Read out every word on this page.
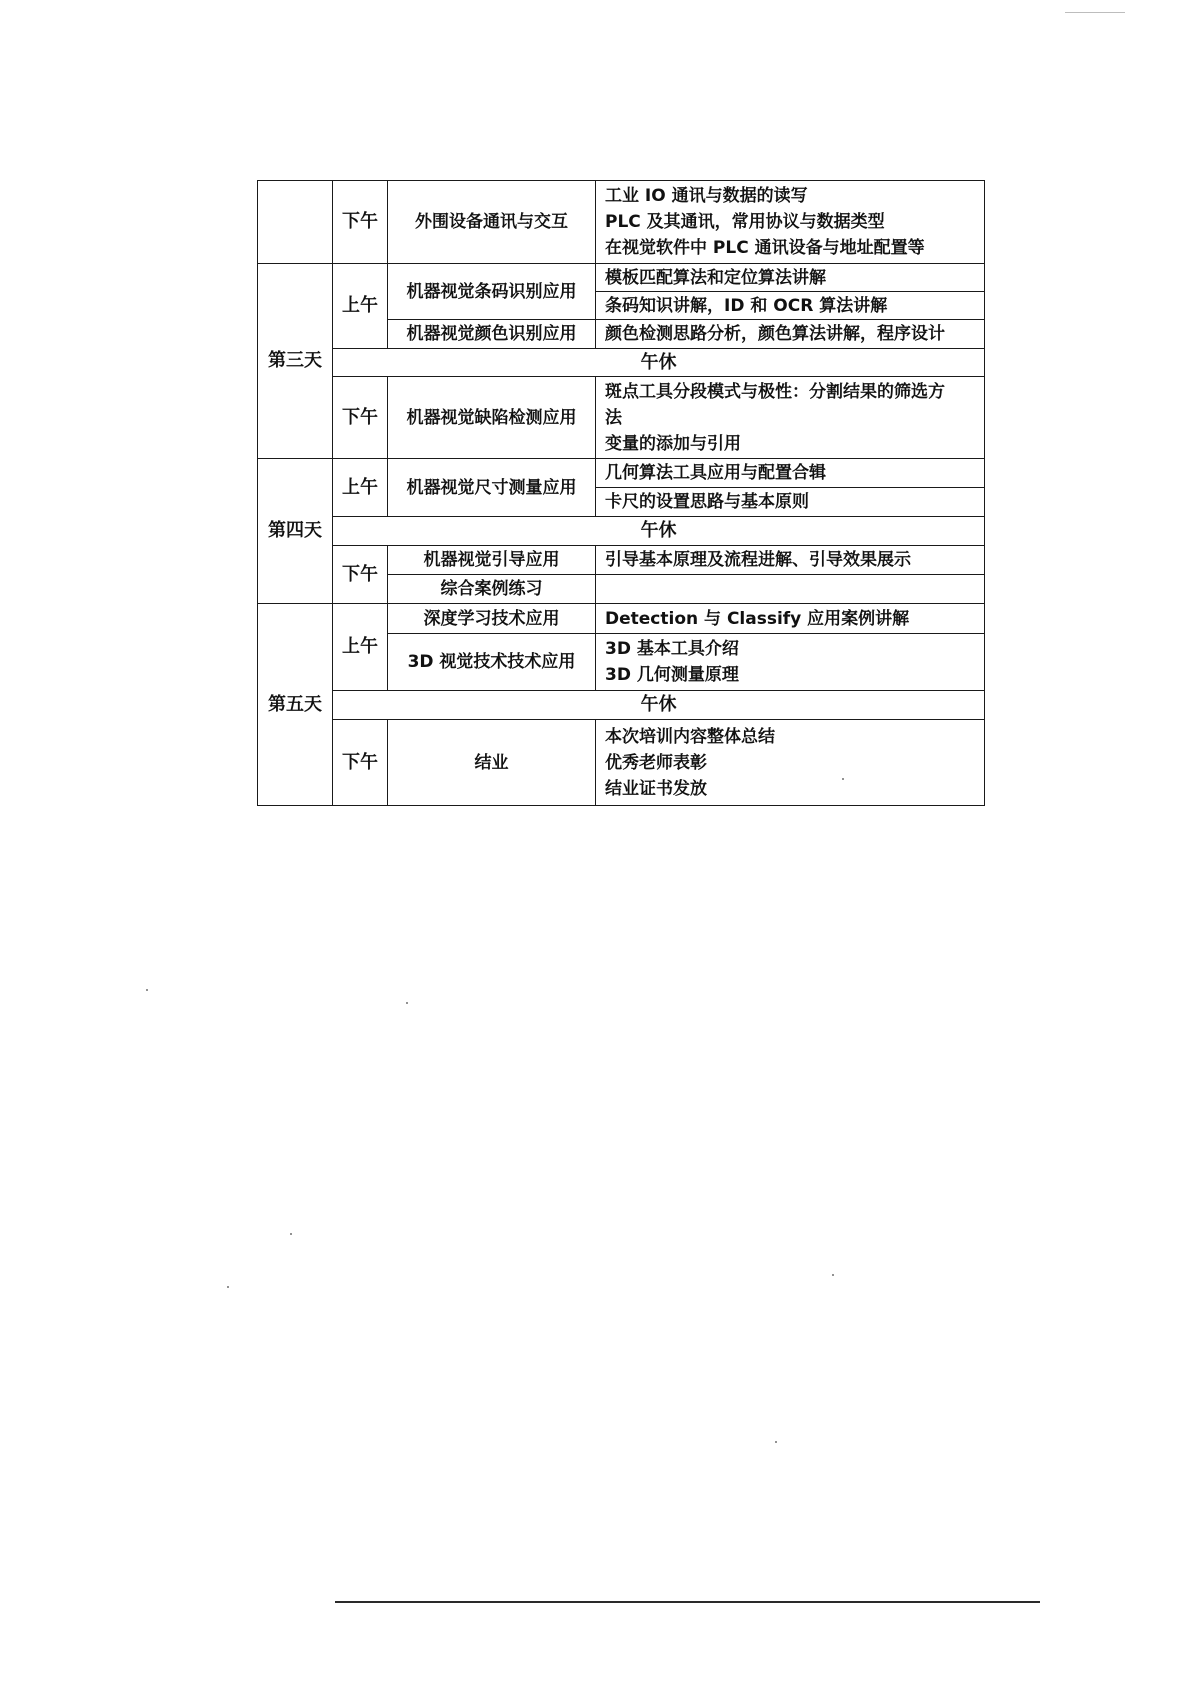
	下午	外围设备通讯与交互	工业 IO 通讯与数据的读写
PLC 及其通讯，常用协议与数据类型
在视觉软件中 PLC 通讯设备与地址配置等

第三天	上午	机器视觉条码识别应用	模板匹配算法和定位算法讲解

			条码知识讲解，ID 和 OCR 算法讲解

		机器视觉颜色识别应用	颜色检测思路分析，颜色算法讲解，程序设计

	午休		
	下午	机器视觉缺陷检测应用	斑点工具分段模式与极性：分割结果的筛选方
法
变量的添加与引用

第四天	上午	机器视觉尺寸测量应用	几何算法工具应用与配置合辑

			卡尺的设置思路与基本原则

	午休		
	下午	机器视觉引导应用	引导基本原理及流程进解、引导效果展示

		综合案例练习	

第五天	上午	深度学习技术应用	Detection 与 Classify 应用案例讲解

		3D 视觉技术技术应用	3D 基本工具介绍
3D 几何测量原理

	午休		
	下午	结业	本次培训内容整体总结
优秀老师表彰
结业证书发放
